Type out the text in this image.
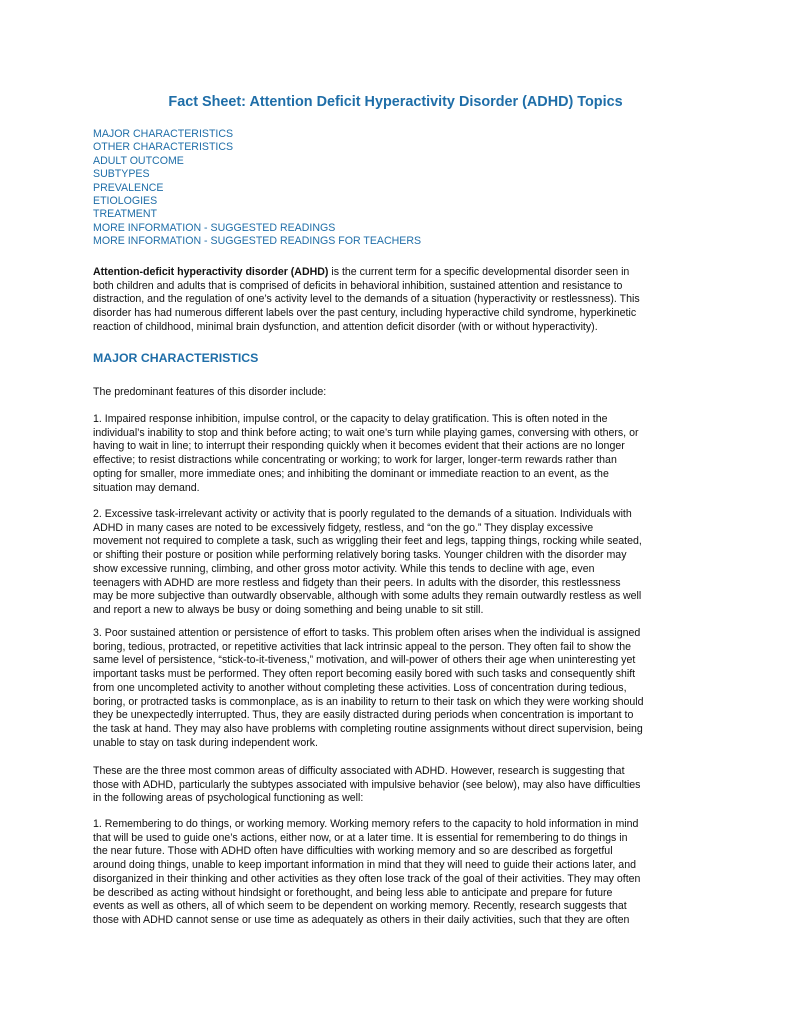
Fact Sheet: Attention Deficit Hyperactivity Disorder (ADHD) Topics
MAJOR CHARACTERISTICS
OTHER CHARACTERISTICS
ADULT OUTCOME
SUBTYPES
PREVALENCE
ETIOLOGIES
TREATMENT
MORE INFORMATION - SUGGESTED READINGS
MORE INFORMATION - SUGGESTED READINGS FOR TEACHERS

Attention-deficit hyperactivity disorder (ADHD) is the current term for a specific developmental disorder seen in
both children and adults that is comprised of deficits in behavioral inhibition, sustained attention and resistance to
distraction, and the regulation of one’s activity level to the demands of a situation (hyperactivity or restlessness). This
disorder has had numerous different labels over the past century, including hyperactive child syndrome, hyperkinetic
reaction of childhood, minimal brain dysfunction, and attention deficit disorder (with or without hyperactivity).

MAJOR CHARACTERISTICS

The predominant features of this disorder include:

1. Impaired response inhibition, impulse control, or the capacity to delay gratification. This is often noted in the
individual’s inability to stop and think before acting; to wait one’s turn while playing games, conversing with others, or
having to wait in line; to interrupt their responding quickly when it becomes evident that their actions are no longer
effective; to resist distractions while concentrating or working; to work for larger, longer-term rewards rather than
opting for smaller, more immediate ones; and inhibiting the dominant or immediate reaction to an event, as the
situation may demand.

2. Excessive task-irrelevant activity or activity that is poorly regulated to the demands of a situation. Individuals with
ADHD in many cases are noted to be excessively fidgety, restless, and “on the go.” They display excessive
movement not required to complete a task, such as wriggling their feet and legs, tapping things, rocking while seated,
or shifting their posture or position while performing relatively boring tasks. Younger children with the disorder may
show excessive running, climbing, and other gross motor activity. While this tends to decline with age, even
teenagers with ADHD are more restless and fidgety than their peers. In adults with the disorder, this restlessness
may be more subjective than outwardly observable, although with some adults they remain outwardly restless as well
and report a new to always be busy or doing something and being unable to sit still.

3. Poor sustained attention or persistence of effort to tasks. This problem often arises when the individual is assigned
boring, tedious, protracted, or repetitive activities that lack intrinsic appeal to the person. They often fail to show the
same level of persistence, “stick-to-it-tiveness,” motivation, and will-power of others their age when uninteresting yet
important tasks must be performed. They often report becoming easily bored with such tasks and consequently shift
from one uncompleted activity to another without completing these activities. Loss of concentration during tedious,
boring, or protracted tasks is commonplace, as is an inability to return to their task on which they were working should
they be unexpectedly interrupted. Thus, they are easily distracted during periods when concentration is important to
the task at hand. They may also have problems with completing routine assignments without direct supervision, being
unable to stay on task during independent work.

These are the three most common areas of difficulty associated with ADHD. However, research is suggesting that
those with ADHD, particularly the subtypes associated with impulsive behavior (see below), may also have difficulties
in the following areas of psychological functioning as well:

1. Remembering to do things, or working memory. Working memory refers to the capacity to hold information in mind
that will be used to guide one’s actions, either now, or at a later time. It is essential for remembering to do things in
the near future. Those with ADHD often have difficulties with working memory and so are described as forgetful
around doing things, unable to keep important information in mind that they will need to guide their actions later, and
disorganized in their thinking and other activities as they often lose track of the goal of their activities. They may often
be described as acting without hindsight or forethought, and being less able to anticipate and prepare for future
events as well as others, all of which seem to be dependent on working memory. Recently, research suggests that
those with ADHD cannot sense or use time as adequately as others in their daily activities, such that they are often
